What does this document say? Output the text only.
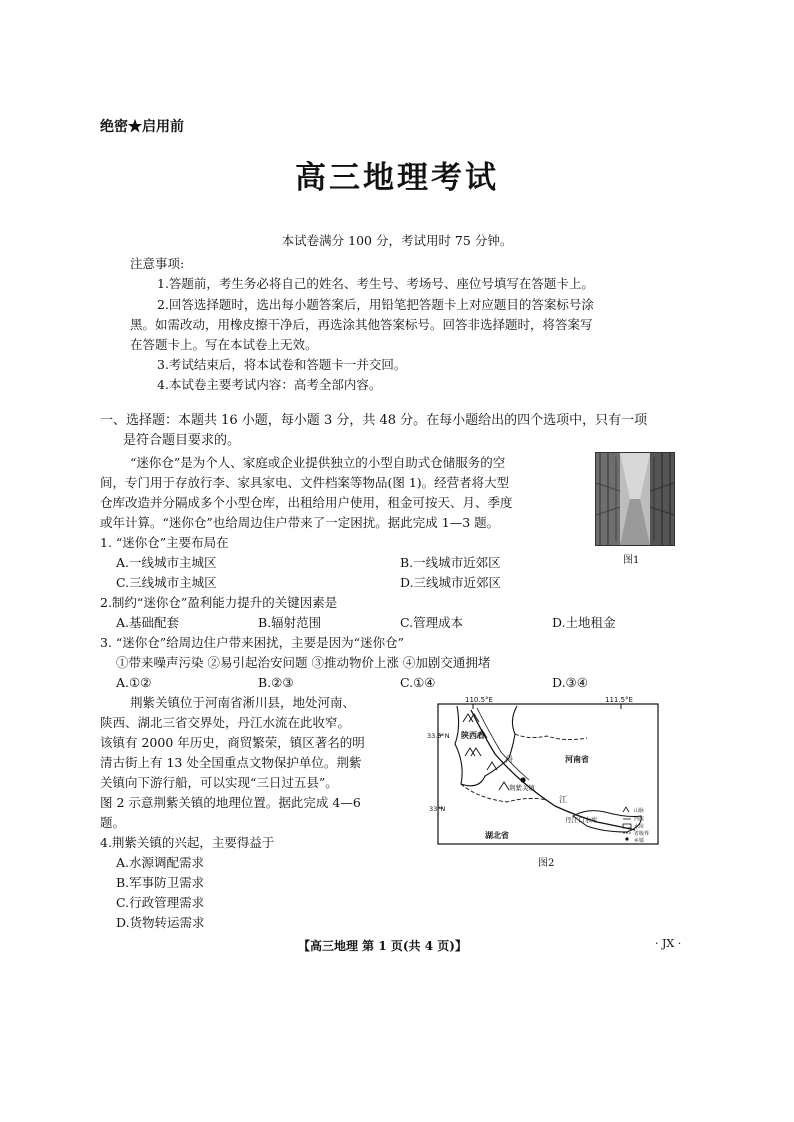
绝密★启用前
高三地理考试
本试卷满分 100 分，考试用时 75 分钟。
注意事项:
1.答题前，考生务必将自己的姓名、考生号、考场号、座位号填写在答题卡上。
2.回答选择题时，选出每小题答案后，用铅笔把答题卡上对应题目的答案标号涂
黑。如需改动，用橡皮擦干净后，再选涂其他答案标号。回答非选择题时，将答案写
在答题卡上。写在本试卷上无效。
3.考试结束后，将本试卷和答题卡一并交回。
4.本试卷主要考试内容：高考全部内容。
一、选择题：本题共 16 小题，每小题 3 分，共 48 分。在每小题给出的四个选项中，只有一项
是符合题目要求的。
“迷你仓”是为个人、家庭或企业提供独立的小型自助式仓储服务的空
间，专门用于存放行李、家具家电、文件档案等物品(图 1)。经营者将大型
仓库改造并分隔成多个小型仓库，出租给用户使用，租金可按天、月、季度
或年计算。“迷你仓”也给周边住户带来了一定困扰。据此完成 1—3 题。
图1
1. “迷你仓”主要布局在
A.一线城市主城区	B.一线城市近郊区
C.三线城市主城区	D.三线城市近郊区
2.制约“迷你仓”盈利能力提升的关键因素是
A.基础配套	B.辐射范围	C.管理成本	D.土地租金
3. “迷你仓”给周边住户带来困扰，主要是因为“迷你仓”
①带来噪声污染 ②易引起治安问题 ③推动物价上涨 ④加剧交通拥堵
A.①②	B.②③	C.①④	D.③④
荆紫关镇位于河南省淅川县，地处河南、
陕西、湖北三省交界处，丹江水流在此收窄。
该镇有 2000 年历史，商贸繁荣，镇区著名的明
清古街上有 13 处全国重点文物保护单位。荆紫
关镇向下游行船，可以实现“三日过五县”。
图 2 示意荆紫关镇的地理位置。据此完成 4—6
题。
4.荆紫关镇的兴起，主要得益于
A.水源调配需求
B.军事防卫需求
C.行政管理需求
D.货物转运需求
110.5°E	111.5°E
33.5°N
33°N
陕西省
河南省
湖北省
丹
江
荆紫关镇
丹江口水库
山脉
河流
水库
省级界
乡镇
图2
【高三地理 第 1 页(共 4 页)】	· JX ·
